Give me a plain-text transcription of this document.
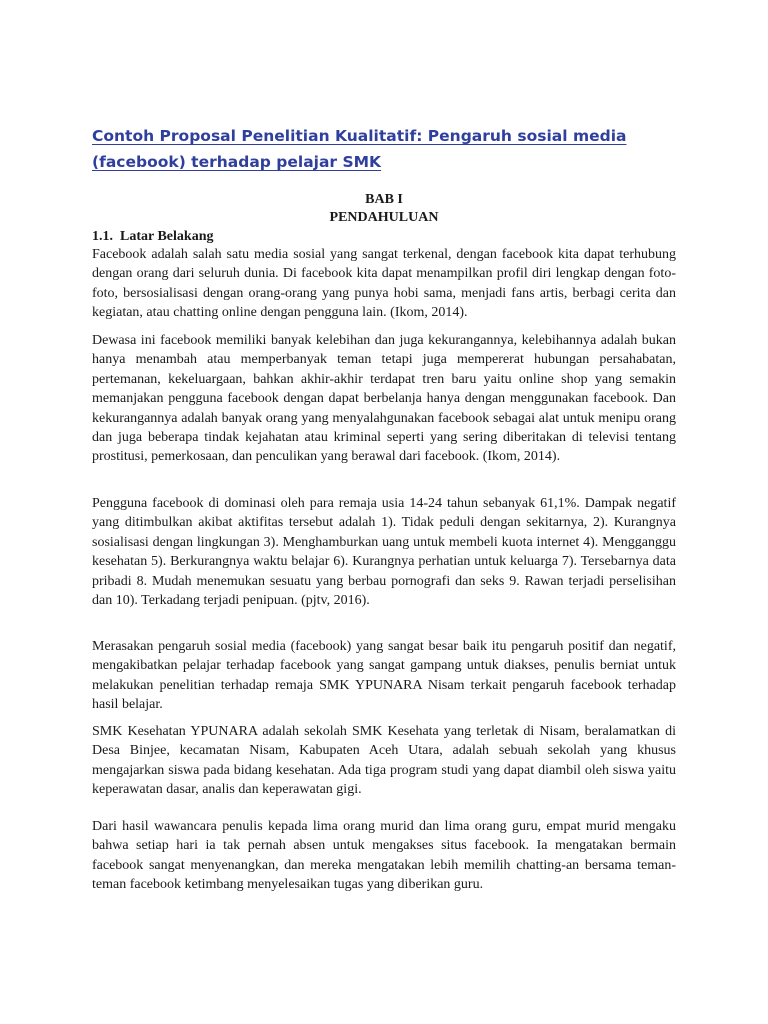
Contoh Proposal Penelitian Kualitatif: Pengaruh sosial media (facebook) terhadap pelajar SMK

BAB I

PENDAHULUAN

1.1. Latar Belakang

Facebook adalah salah satu media sosial yang sangat terkenal, dengan facebook kita dapat terhubung dengan orang dari seluruh dunia. Di facebook kita dapat menampilkan profil diri lengkap dengan foto-foto, bersosialisasi dengan orang-orang yang punya hobi sama, menjadi fans artis, berbagi cerita dan kegiatan, atau chatting online dengan pengguna lain. (Ikom, 2014).

Dewasa ini facebook memiliki banyak kelebihan dan juga kekurangannya, kelebihannya adalah bukan hanya menambah atau memperbanyak teman tetapi juga mempererat hubungan persahabatan, pertemanan, kekeluargaan, bahkan akhir-akhir terdapat tren baru yaitu online shop yang semakin memanjakan pengguna facebook dengan dapat berbelanja hanya dengan menggunakan facebook. Dan kekurangannya adalah banyak orang yang menyalahgunakan facebook sebagai alat untuk menipu orang dan juga beberapa tindak kejahatan atau kriminal seperti yang sering diberitakan di televisi tentang prostitusi, pemerkosaan, dan penculikan yang berawal dari facebook. (Ikom, 2014).

Pengguna facebook di dominasi oleh para remaja usia 14-24 tahun sebanyak 61,1%. Dampak negatif yang ditimbulkan akibat aktifitas tersebut adalah 1). Tidak peduli dengan sekitarnya, 2). Kurangnya sosialisasi dengan lingkungan 3). Menghamburkan uang untuk membeli kuota internet 4). Mengganggu kesehatan 5). Berkurangnya waktu belajar 6). Kurangnya perhatian untuk keluarga 7). Tersebarnya data pribadi 8. Mudah menemukan sesuatu yang berbau pornografi dan seks 9. Rawan terjadi perselisihan dan 10). Terkadang terjadi penipuan. (pjtv, 2016).

Merasakan pengaruh sosial media (facebook) yang sangat besar baik itu pengaruh positif dan negatif, mengakibatkan pelajar terhadap facebook yang sangat gampang untuk diakses, penulis berniat untuk melakukan penelitian terhadap remaja SMK YPUNARA Nisam terkait pengaruh facebook terhadap hasil belajar.

SMK Kesehatan YPUNARA adalah sekolah SMK Kesehata yang terletak di Nisam, beralamatkan di Desa Binjee, kecamatan Nisam, Kabupaten Aceh Utara, adalah sebuah sekolah yang khusus mengajarkan siswa pada bidang kesehatan. Ada tiga program studi yang dapat diambil oleh siswa yaitu keperawatan dasar, analis dan keperawatan gigi.

Dari hasil wawancara penulis kepada lima orang murid dan lima orang guru, empat murid mengaku bahwa setiap hari ia tak pernah absen untuk mengakses situs facebook. Ia mengatakan bermain facebook sangat menyenangkan, dan mereka mengatakan lebih memilih chatting-an bersama teman-teman facebook ketimbang menyelesaikan tugas yang diberikan guru.
